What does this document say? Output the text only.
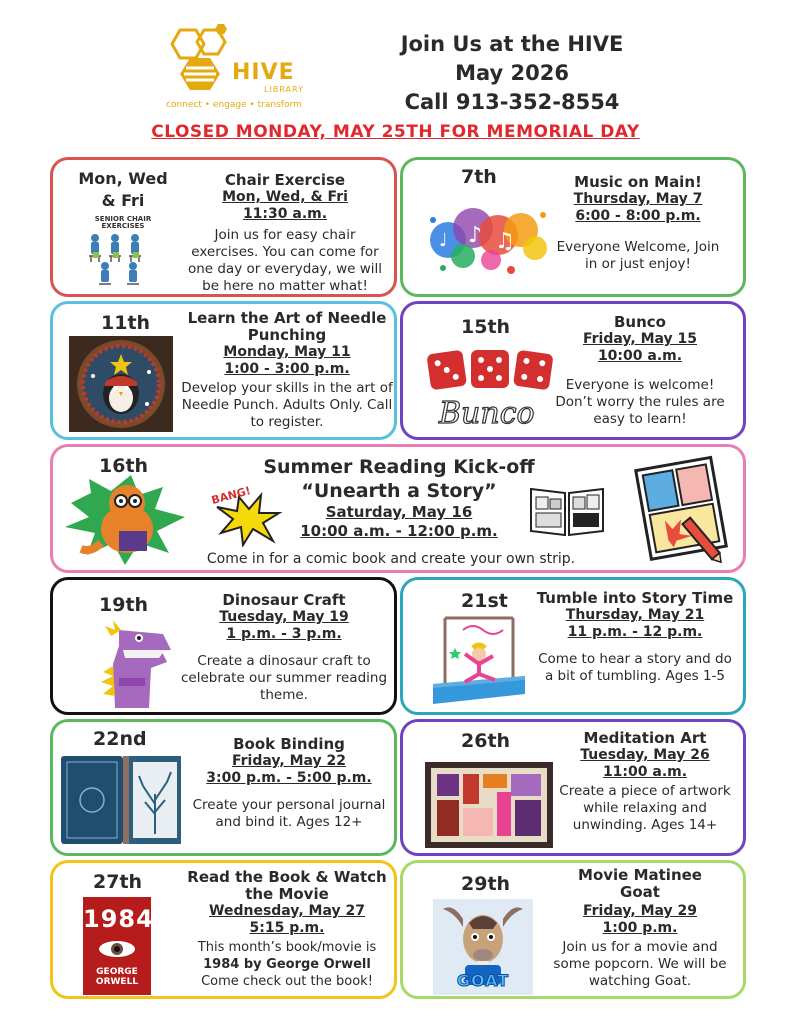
HIVE
LIBRARY
connect • engage • transform
Join Us at the HIVE
May 2026
Call 913-352-8554
CLOSED MONDAY, MAY 25TH FOR MEMORIAL DAY
Mon, Wed & Fri
SENIOR CHAIR EXERCISES
Chair Exercise
Mon, Wed, & Fri
11:30 a.m.
Join us for easy chair exercises. You can come for one day or everyday, we will be here no matter what!
7th
♪ ♫
♩
Music on Main!
Thursday, May 7
6:00 - 8:00 p.m.
Everyone Welcome, Join in or just enjoy!
11th	Learn the Art of Needle Punching
Monday, May 11
1:00 - 3:00 p.m.
Develop your skills in the art of Needle Punch. Adults Only. Call to register.
15th
Bunco
Bunco
Friday, May 15
10:00 a.m.
Everyone is welcome! Don’t worry the rules are easy to learn!
16th
BANG!
Summer Reading Kick-off
“Unearth a Story”
Saturday, May 16
10:00 a.m. - 12:00 p.m.
Come in for a comic book and create your own strip.
19th	Dinosaur Craft
Tuesday, May 19
1 p.m. - 3 p.m.
Create a dinosaur craft to celebrate our summer reading theme.
21st Tumble into Story Time
Thursday, May 21
11 p.m. - 12 p.m.
Come to hear a story and do a bit of tumbling. Ages 1-5
22nd	Book Binding
Friday, May 22
3:00 p.m. - 5:00 p.m.
Create your personal journal and bind it. Ages 12+
26th	Meditation Art
Tuesday, May 26
11:00 a.m.
Create a piece of artwork while relaxing and unwinding. Ages 14+
27th
1984
GEORGE
ORWELL
Read the Book & Watch the Movie
Wednesday, May 27
5:15 p.m.
This month’s book/movie is
1984 by George Orwell
Come check out the book!
29th
GOAT
Movie Matinee
Goat
Friday, May 29
1:00 p.m.
Join us for a movie and some popcorn. We will be watching Goat.
